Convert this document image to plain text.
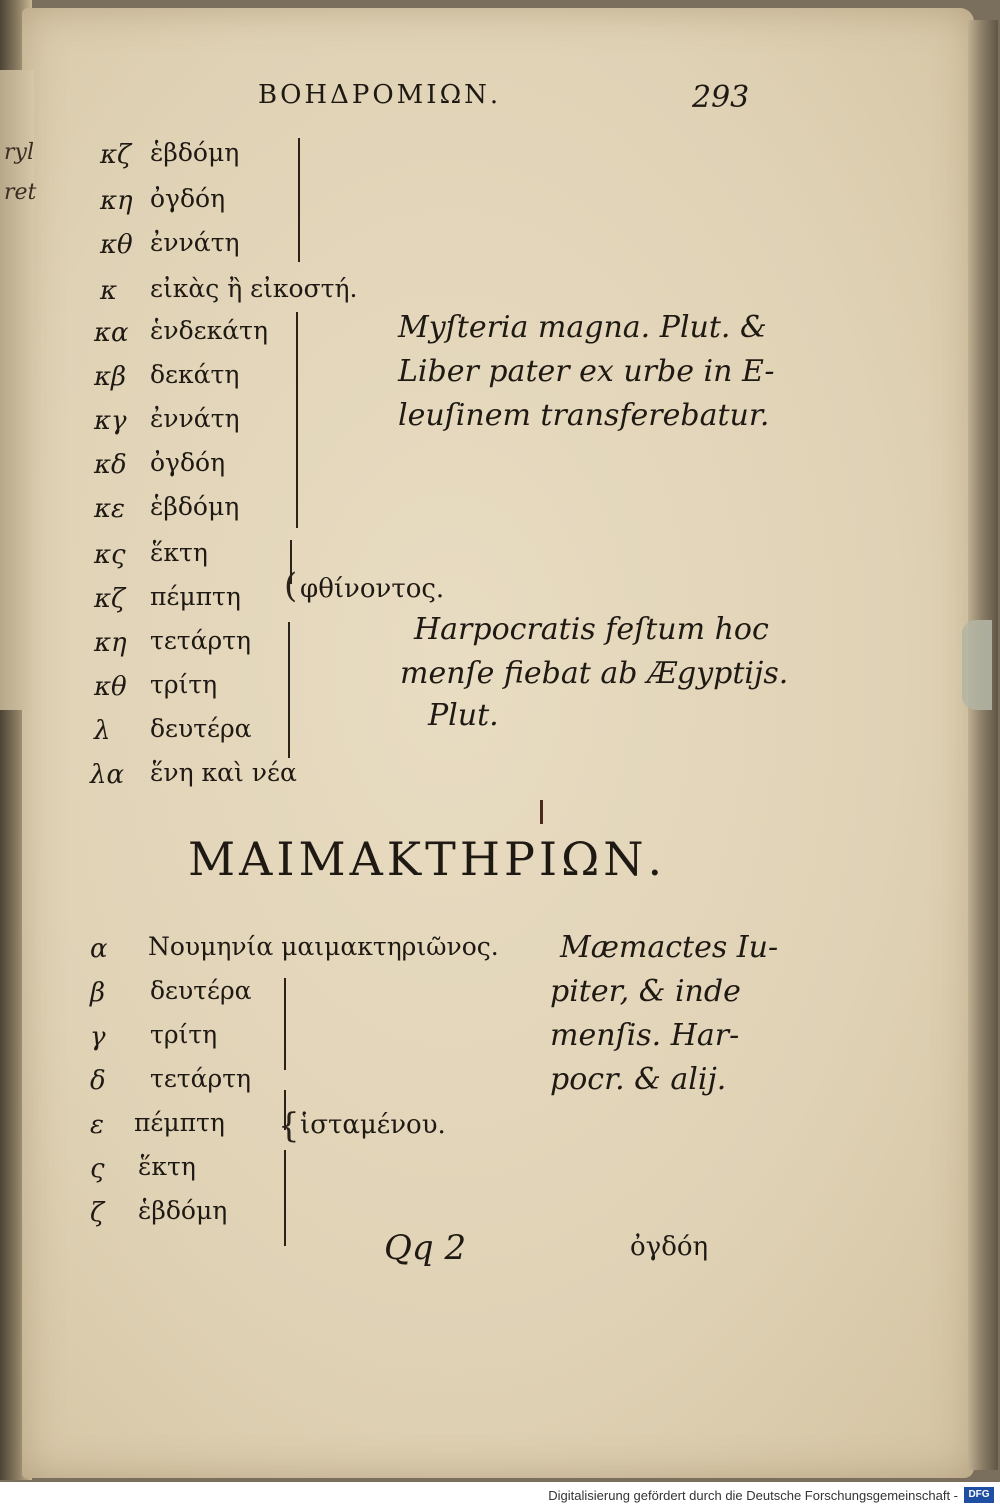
ryl
ret
ΒΟΗΔΡΟΜΙΩΝ.	293
κζ ἑβδόμη
κη ὀγδόη
κθ ἐννάτη
κ εἰκὰς ἢ εἰκοστή.
κα ἑνδεκάτη
κβ δεκάτη
κγ ἐννάτη
κδ ὀγδόη
κε ἑβδόμη
κς ἕκτη
κζ πέμπτη
κη τετάρτη
κθ τρίτη
λ δευτέρα
λα ἕνη καὶ νέα
(
Myſteria magna. Plut. &
Liber pater ex urbe in E-
leuſinem transferebatur.
φθίνοντος.
Harpocratis feſtum hoc
menſe fiebat ab Ægyptijs.
Plut.
ΜΑΙΜΑΚΤΗΡΙΩΝ.
α Νουμηνία μαιμακτηριῶνος.
β δευτέρα
γ τρίτη
δ τετάρτη
ε πέμπτη
ς ἕκτη
ζ ἑβδόμη
{
Mæmactes Iu-
piter, & inde
menſis. Har-
pocr. & alij.
ἱσταμένου.
Qq 2	ὀγδόη
Digitalisierung gefördert durch die Deutsche Forschungsgemeinschaft -	DFG
